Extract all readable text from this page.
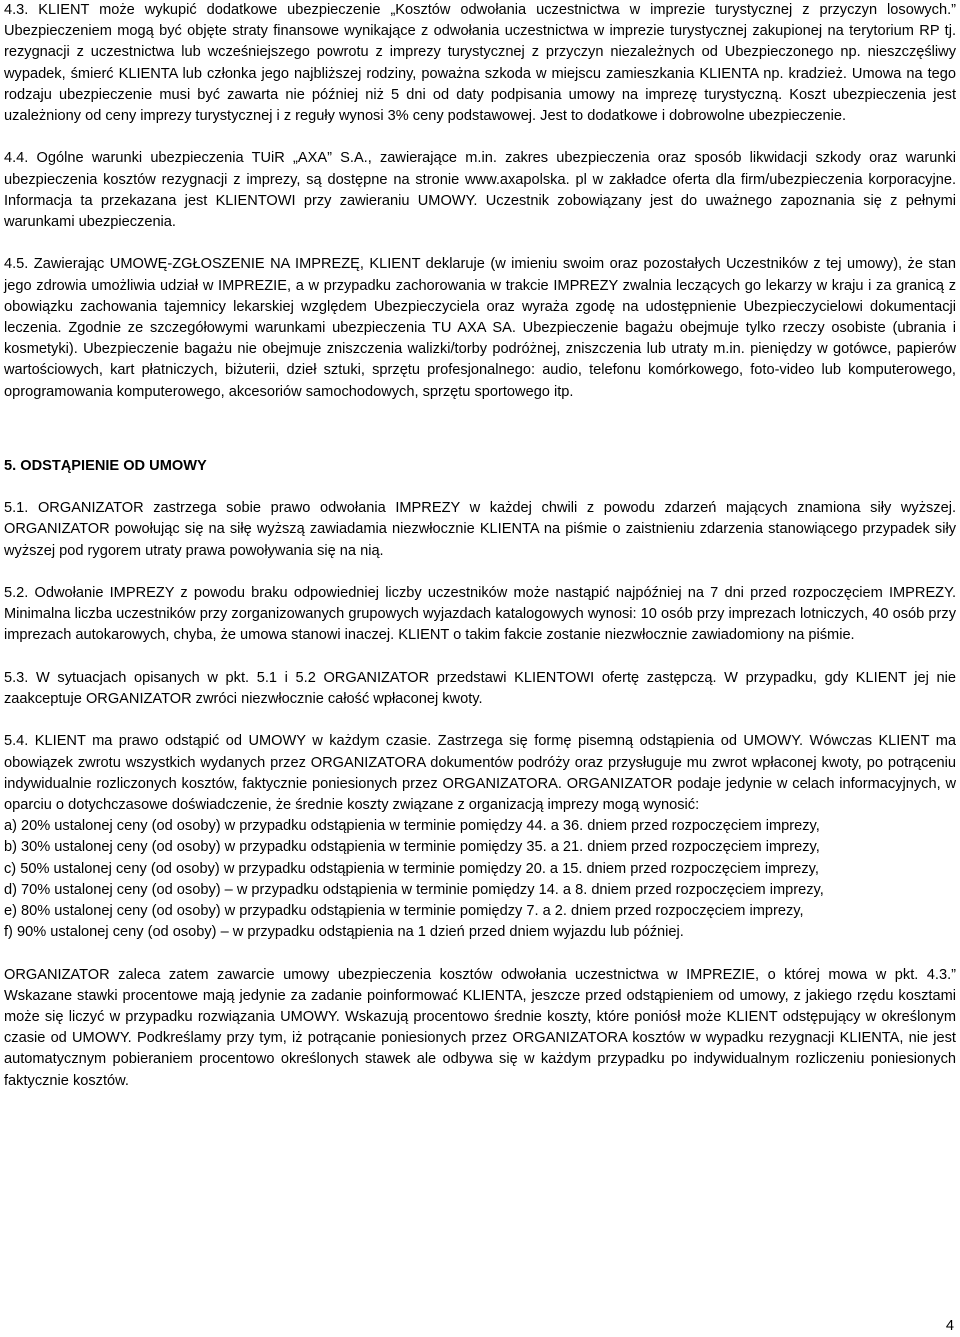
4.3. KLIENT może wykupić dodatkowe ubezpieczenie „Kosztów odwołania uczestnictwa w imprezie turystycznej z przyczyn losowych.” Ubezpieczeniem mogą być objęte straty finansowe wynikające z odwołania uczestnictwa w imprezie turystycznej zakupionej na terytorium RP tj. rezygnacji z uczestnictwa lub wcześniejszego powrotu z imprezy turystycznej z przyczyn niezależnych od Ubezpieczonego np. nieszczęśliwy wypadek, śmierć KLIENTA lub członka jego najbliższej rodziny, poważna szkoda w miejscu zamieszkania KLIENTA np. kradzież. Umowa na tego rodzaju ubezpieczenie musi być zawarta nie później niż 5 dni od daty podpisania umowy na imprezę turystyczną. Koszt ubezpieczenia jest uzależniony od ceny imprezy turystycznej i z reguły wynosi 3% ceny podstawowej. Jest to dodatkowe i dobrowolne ubezpieczenie.

4.4. Ogólne warunki ubezpieczenia TUiR „AXA” S.A., zawierające m.in. zakres ubezpieczenia oraz sposób likwidacji szkody oraz warunki ubezpieczenia kosztów rezygnacji z imprezy, są dostępne na stronie www.axapolska. pl w zakładce oferta dla firm/ubezpieczenia korporacyjne. Informacja ta przekazana jest KLIENTOWI przy zawieraniu UMOWY. Uczestnik zobowiązany jest do uważnego zapoznania się z pełnymi warunkami ubezpieczenia.

4.5. Zawierając UMOWĘ-ZGŁOSZENIE NA IMPREZĘ, KLIENT deklaruje (w imieniu swoim oraz pozostałych Uczestników z tej umowy), że stan jego zdrowia umożliwia udział w IMPREZIE, a w przypadku zachorowania w trakcie IMPREZY zwalnia leczących go lekarzy w kraju i za granicą z obowiązku zachowania tajemnicy lekarskiej względem Ubezpieczyciela oraz wyraża zgodę na udostępnienie Ubezpieczycielowi dokumentacji leczenia. Zgodnie ze szczegółowymi warunkami ubezpieczenia TU AXA SA. Ubezpieczenie bagażu obejmuje tylko rzeczy osobiste (ubrania i kosmetyki). Ubezpieczenie bagażu nie obejmuje zniszczenia walizki/torby podróżnej, zniszczenia lub utraty m.in. pieniędzy w gotówce, papierów wartościowych, kart płatniczych, biżuterii, dzieł sztuki, sprzętu profesjonalnego: audio, telefonu komórkowego, foto-video lub komputerowego, oprogramowania komputerowego, akcesoriów samochodowych, sprzętu sportowego itp.

5. ODSTĄPIENIE OD UMOWY

5.1. ORGANIZATOR zastrzega sobie prawo odwołania IMPREZY w każdej chwili z powodu zdarzeń mających znamiona siły wyższej. ORGANIZATOR powołując się na siłę wyższą zawiadamia niezwłocznie KLIENTA na piśmie o zaistnieniu zdarzenia stanowiącego przypadek siły wyższej pod rygorem utraty prawa powoływania się na nią.

5.2. Odwołanie IMPREZY z powodu braku odpowiedniej liczby uczestników może nastąpić najpóźniej na 7 dni przed rozpoczęciem IMPREZY. Minimalna liczba uczestników przy zorganizowanych grupowych wyjazdach katalogowych wynosi: 10 osób przy imprezach lotniczych, 40 osób przy imprezach autokarowych, chyba, że umowa stanowi inaczej. KLIENT o takim fakcie zostanie niezwłocznie zawiadomiony na piśmie.

5.3. W sytuacjach opisanych w pkt. 5.1 i 5.2 ORGANIZATOR przedstawi KLIENTOWI ofertę zastępczą. W przypadku, gdy KLIENT jej nie zaakceptuje ORGANIZATOR zwróci niezwłocznie całość wpłaconej kwoty.

5.4. KLIENT ma prawo odstąpić od UMOWY w każdym czasie. Zastrzega się formę pisemną odstąpienia od UMOWY. Wówczas KLIENT ma obowiązek zwrotu wszystkich wydanych przez ORGANIZATORA dokumentów podróży oraz przysługuje mu zwrot wpłaconej kwoty, po potrąceniu indywidualnie rozliczonych kosztów, faktycznie poniesionych przez ORGANIZATORA. ORGANIZATOR podaje jedynie w celach informacyjnych, w oparciu o dotychczasowe doświadczenie, że średnie koszty związane z organizacją imprezy mogą wynosić:

a) 20% ustalonej ceny (od osoby) w przypadku odstąpienia w terminie pomiędzy 44. a 36. dniem przed rozpoczęciem imprezy,

b) 30% ustalonej ceny (od osoby) w przypadku odstąpienia w terminie pomiędzy 35. a 21. dniem przed rozpoczęciem imprezy,

c) 50% ustalonej ceny (od osoby) w przypadku odstąpienia w terminie pomiędzy 20. a 15. dniem przed rozpoczęciem imprezy,

d) 70% ustalonej ceny (od osoby) – w przypadku odstąpienia w terminie pomiędzy 14. a 8. dniem przed rozpoczęciem imprezy,

e) 80% ustalonej ceny (od osoby) w przypadku odstąpienia w terminie pomiędzy 7. a 2. dniem przed rozpoczęciem imprezy,

f) 90% ustalonej ceny (od osoby) – w przypadku odstąpienia na 1 dzień przed dniem wyjazdu lub później.

ORGANIZATOR zaleca zatem zawarcie umowy ubezpieczenia kosztów odwołania uczestnictwa w IMPREZIE, o której mowa w pkt. 4.3.” Wskazane stawki procentowe mają jedynie za zadanie poinformować KLIENTA, jeszcze przed odstąpieniem od umowy, z jakiego rzędu kosztami może się liczyć w przypadku rozwiązania UMOWY. Wskazują procentowo średnie koszty, które poniósł może KLIENT odstępujący w określonym czasie od UMOWY. Podkreślamy przy tym, iż potrącanie poniesionych przez ORGANIZATORA kosztów w wypadku rezygnacji KLIENTA, nie jest automatycznym pobieraniem procentowo określonych stawek ale odbywa się w każdym przypadku po indywidualnym rozliczeniu poniesionych faktycznie kosztów.

4
